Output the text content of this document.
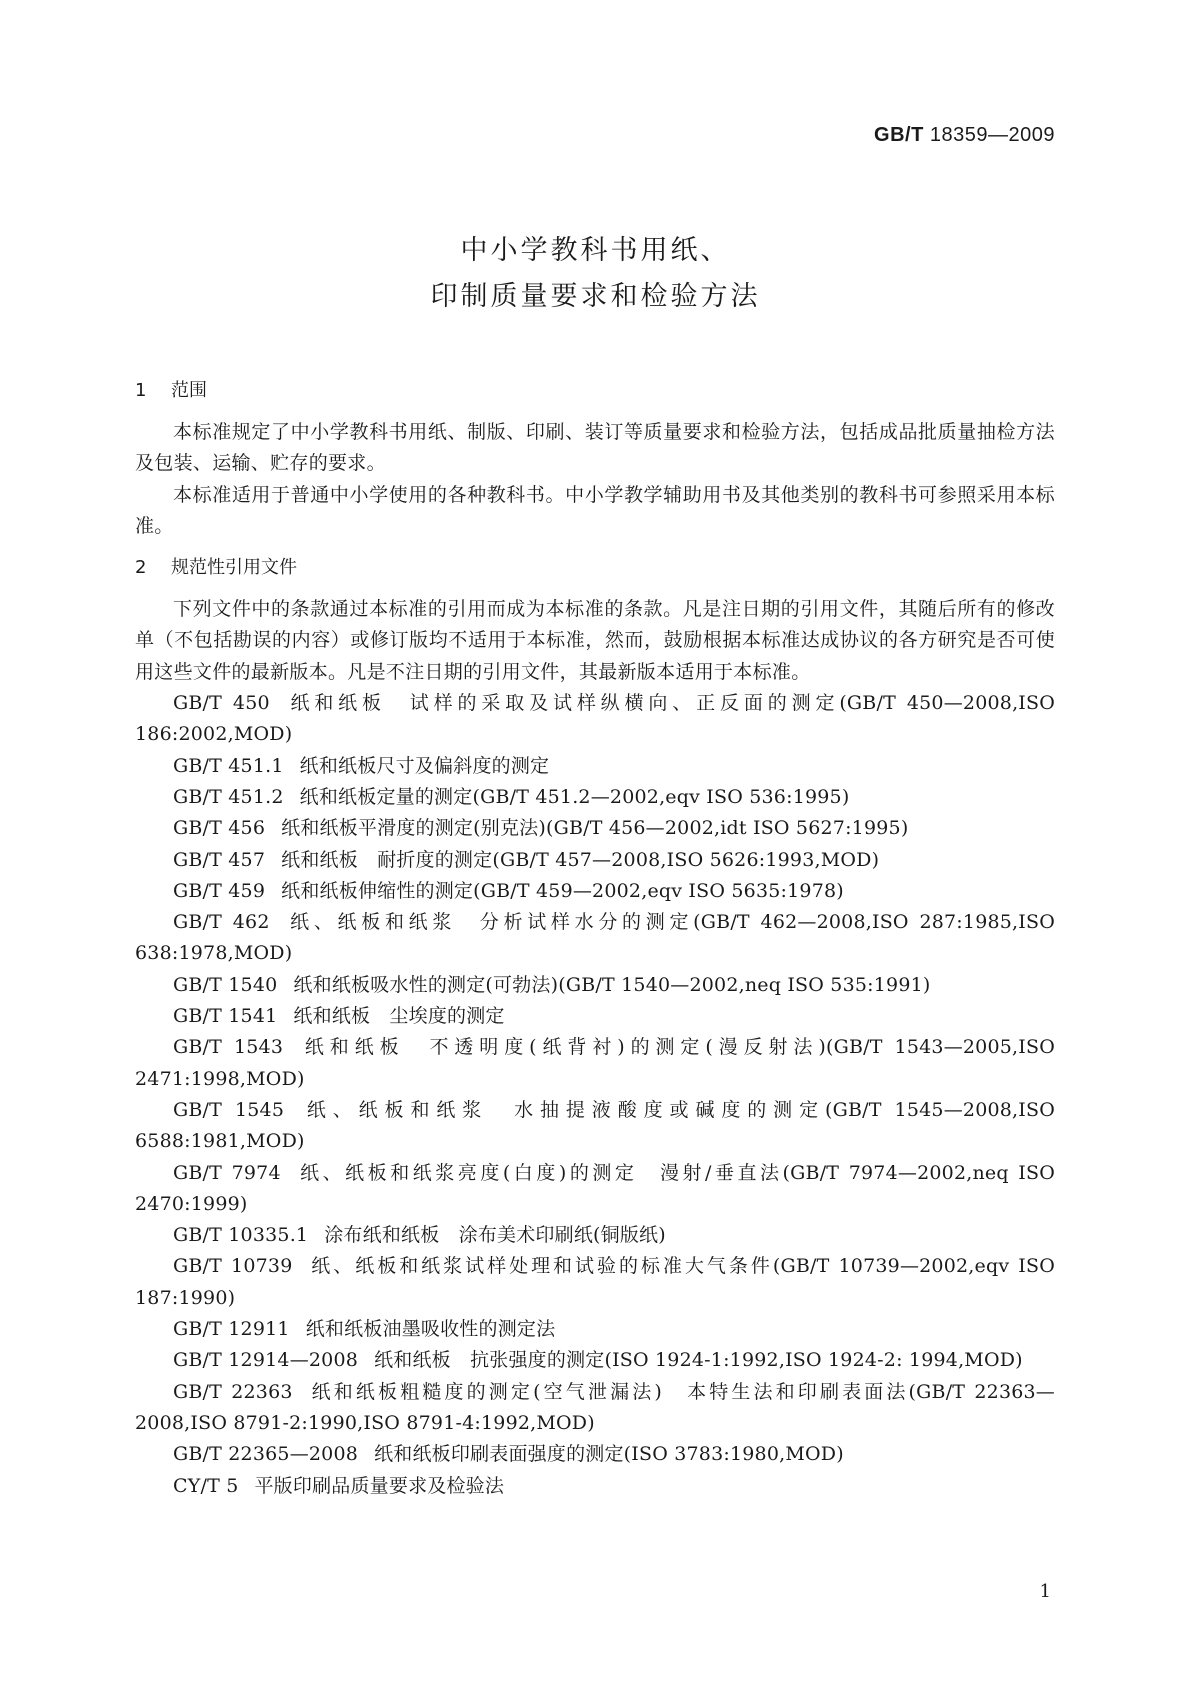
GB/T 18359—2009
中小学教科书用纸、
印制质量要求和检验方法
1 范围

本标准规定了中小学教科书用纸、制版、印刷、装订等质量要求和检验方法，包括成品批质量抽检方法及包装、运输、贮存的要求。

本标准适用于普通中小学使用的各种教科书。中小学教学辅助用书及其他类别的教科书可参照采用本标准。

2 规范性引用文件

下列文件中的条款通过本标准的引用而成为本标准的条款。凡是注日期的引用文件，其随后所有的修改单（不包括勘误的内容）或修订版均不适用于本标准，然而，鼓励根据本标准达成协议的各方研究是否可使用这些文件的最新版本。凡是不注日期的引用文件，其最新版本适用于本标准。

GB/T 450 纸和纸板　试样的采取及试样纵横向、正反面的测定(GB/T 450—2008,ISO 186:2002,MOD)
GB/T 451.1 纸和纸板尺寸及偏斜度的测定
GB/T 451.2 纸和纸板定量的测定(GB/T 451.2—2002,eqv ISO 536:1995)
GB/T 456 纸和纸板平滑度的测定(别克法)(GB/T 456—2002,idt ISO 5627:1995)
GB/T 457 纸和纸板　耐折度的测定(GB/T 457—2008,ISO 5626:1993,MOD)
GB/T 459 纸和纸板伸缩性的测定(GB/T 459—2002,eqv ISO 5635:1978)
GB/T 462 纸、纸板和纸浆　分析试样水分的测定(GB/T 462—2008,ISO 287:1985,ISO 638:1978,MOD)
GB/T 1540 纸和纸板吸水性的测定(可勃法)(GB/T 1540—2002,neq ISO 535:1991)
GB/T 1541 纸和纸板　尘埃度的测定
GB/T 1543 纸和纸板　不透明度(纸背衬)的测定(漫反射法)(GB/T 1543—2005,ISO 2471:1998,MOD)
GB/T 1545 纸、纸板和纸浆　水抽提液酸度或碱度的测定(GB/T 1545—2008,ISO 6588:1981,MOD)
GB/T 7974 纸、纸板和纸浆亮度(白度)的测定　漫射/垂直法(GB/T 7974—2002,neq ISO 2470:1999)
GB/T 10335.1 涂布纸和纸板　涂布美术印刷纸(铜版纸)
GB/T 10739 纸、纸板和纸浆试样处理和试验的标准大气条件(GB/T 10739—2002,eqv ISO 187:1990)
GB/T 12911 纸和纸板油墨吸收性的测定法
GB/T 12914—2008 纸和纸板　抗张强度的测定(ISO 1924-1:1992,ISO 1924-2: 1994,MOD)
GB/T 22363 纸和纸板粗糙度的测定(空气泄漏法)　本特生法和印刷表面法(GB/T 22363—2008,ISO 8791-2:1990,ISO 8791-4:1992,MOD)
GB/T 22365—2008 纸和纸板印刷表面强度的测定(ISO 3783:1980,MOD)
CY/T 5 平版印刷品质量要求及检验法
1
